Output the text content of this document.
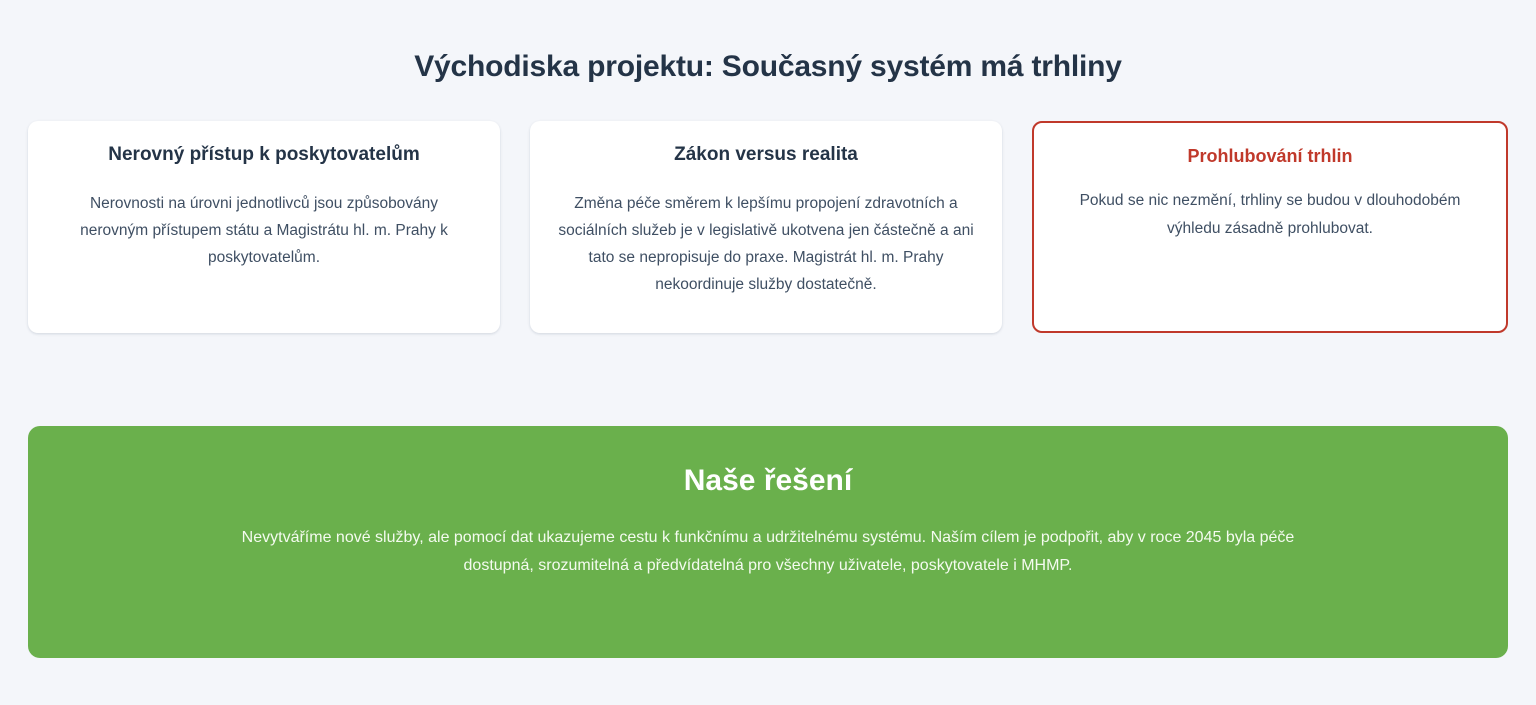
Východiska projektu: Současný systém má trhliny
Nerovný přístup k poskytovatelům

Nerovnosti na úrovni jednotlivců jsou způsobovány nerovným přístupem státu a Magistrátu hl. m. Prahy k poskytovatelům.

Zákon versus realita

Změna péče směrem k lepšímu propojení zdravotních a sociálních služeb je v legislativě ukotvena jen částečně a ani tato se nepropisuje do praxe. Magistrát hl. m. Prahy nekoordinuje služby dostatečně.

Prohlubování trhlin

Pokud se nic nezmění, trhliny se budou v dlouhodobém výhledu zásadně prohlubovat.

Naše řešení

Nevytváříme nové služby, ale pomocí dat ukazujeme cestu k funkčnímu a udržitelnému systému. Naším cílem je podpořit, aby v roce 2045 byla péče dostupná, srozumitelná a předvídatelná pro všechny uživatele, poskytovatele i MHMP.
